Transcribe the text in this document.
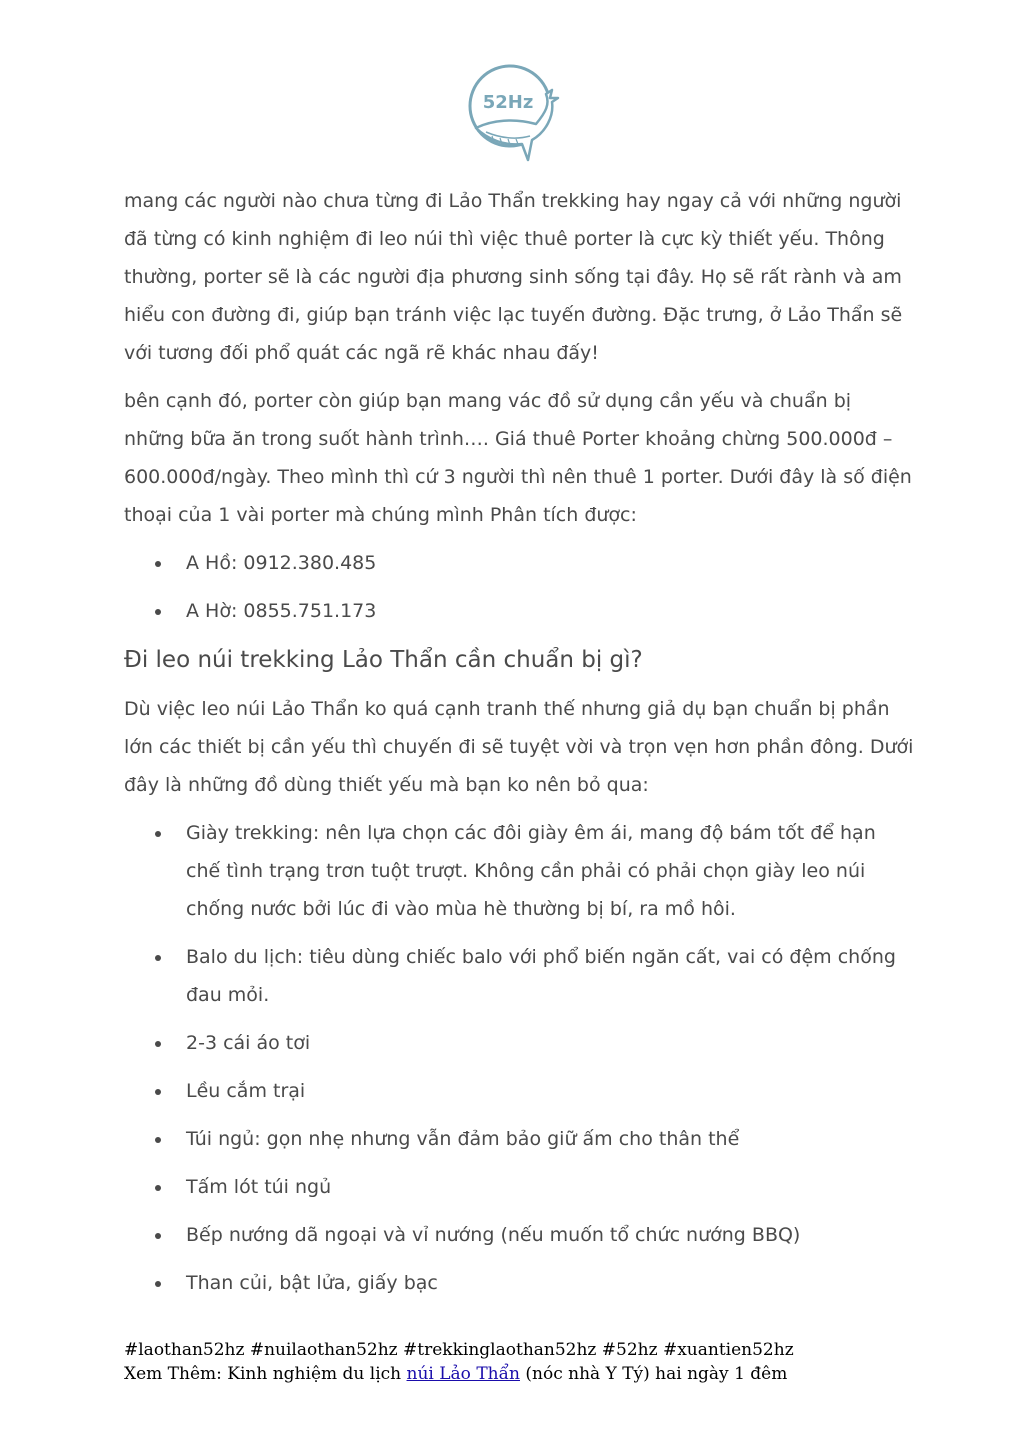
52Hz

mang các người nào chưa từng đi Lảo Thẩn trekking hay ngay cả với những người đã từng có kinh nghiệm đi leo núi thì việc thuê porter là cực kỳ thiết yếu. Thông thường, porter sẽ là các người địa phương sinh sống tại đây. Họ sẽ rất rành và am hiểu con đường đi, giúp bạn tránh việc lạc tuyến đường. Đặc trưng, ở Lảo Thẩn sẽ với tương đối phổ quát các ngã rẽ khác nhau đấy!

bên cạnh đó, porter còn giúp bạn mang vác đồ sử dụng cần yếu và chuẩn bị những bữa ăn trong suốt hành trình…. Giá thuê Porter khoảng chừng 500.000đ – 600.000đ/ngày. Theo mình thì cứ 3 người thì nên thuê 1 porter. Dưới đây là số điện thoại của 1 vài porter mà chúng mình Phân tích được:

A Hồ: 0912.380.485
A Hờ: 0855.751.173
Đi leo núi trekking Lảo Thẩn cần chuẩn bị gì?

Dù việc leo núi Lảo Thẩn ko quá cạnh tranh thế nhưng giả dụ bạn chuẩn bị phần lớn các thiết bị cần yếu thì chuyến đi sẽ tuyệt vời và trọn vẹn hơn phần đông. Dưới đây là những đồ dùng thiết yếu mà bạn ko nên bỏ qua:

Giày trekking: nên lựa chọn các đôi giày êm ái, mang độ bám tốt để hạn chế tình trạng trơn tuột trượt. Không cần phải có phải chọn giày leo núi chống nước bởi lúc đi vào mùa hè thường bị bí, ra mồ hôi.
Balo du lịch: tiêu dùng chiếc balo với phổ biến ngăn cất, vai có đệm chống đau mỏi.
2-3 cái áo tơi
Lều cắm trại
Túi ngủ: gọn nhẹ nhưng vẫn đảm bảo giữ ấm cho thân thể
Tấm lót túi ngủ
Bếp nướng dã ngoại và vỉ nướng (nếu muốn tổ chức nướng BBQ)
Than củi, bật lửa, giấy bạc
#laothan52hz #nuilaothan52hz #trekkinglaothan52hz #52hz #xuantien52hz
Xem Thêm: Kinh nghiệm du lịch núi Lảo Thẩn (nóc nhà Y Tý) hai ngày 1 đêm
